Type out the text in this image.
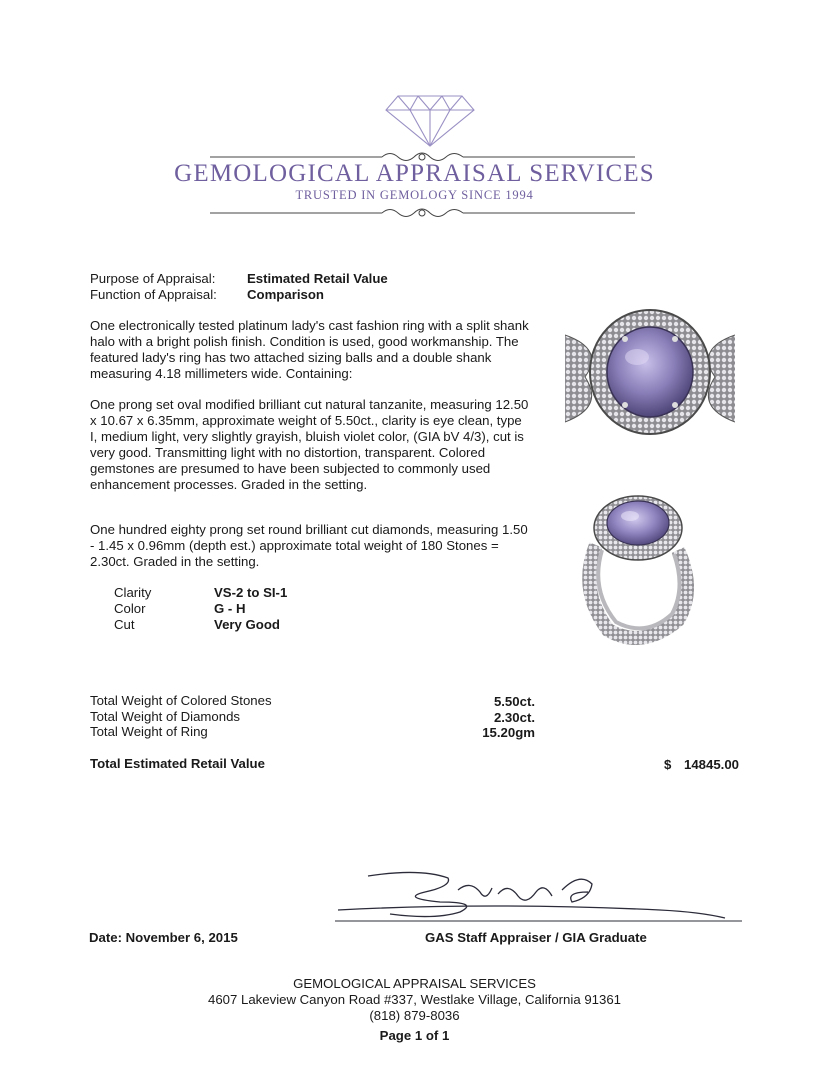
GEMOLOGICAL APPRAISAL SERVICES
TRUSTED IN GEMOLOGY SINCE 1994
Purpose of Appraisal: Estimated Retail Value
Function of Appraisal: Comparison

One electronically tested platinum lady's cast fashion ring with a split shank halo with a bright polish finish. Condition is used, good workmanship. The featured lady's ring has two attached sizing balls and a double shank measuring 4.18 millimeters wide. Containing:

One prong set oval modified brilliant cut natural tanzanite, measuring 12.50 x 10.67 x 6.35mm, approximate weight of 5.50ct., clarity is eye clean, type I, medium light, very slightly grayish, bluish violet color, (GIA bV 4/3), cut is very good. Transmitting light with no distortion, transparent. Colored gemstones are presumed to have been subjected to commonly used enhancement processes. Graded in the setting.

One hundred eighty prong set round brilliant cut diamonds, measuring 1.50 - 1.45 x 0.96mm (depth est.) approximate total weight of 180 Stones = 2.30ct. Graded in the setting.

Clarity	VS-2 to SI-1
Color	G - H
Cut	Very Good
Total Weight of Colored Stones	5.50ct.
Total Weight of Diamonds	2.30ct.
Total Weight of Ring	15.20gm
Total Estimated Retail Value	$ 14845.00
Date: November 6, 2015	GAS Staff Appraiser / GIA Graduate
GEMOLOGICAL APPRAISAL SERVICES
4607 Lakeview Canyon Road #337, Westlake Village, California 91361
(818) 879-8036
Page 1 of 1
